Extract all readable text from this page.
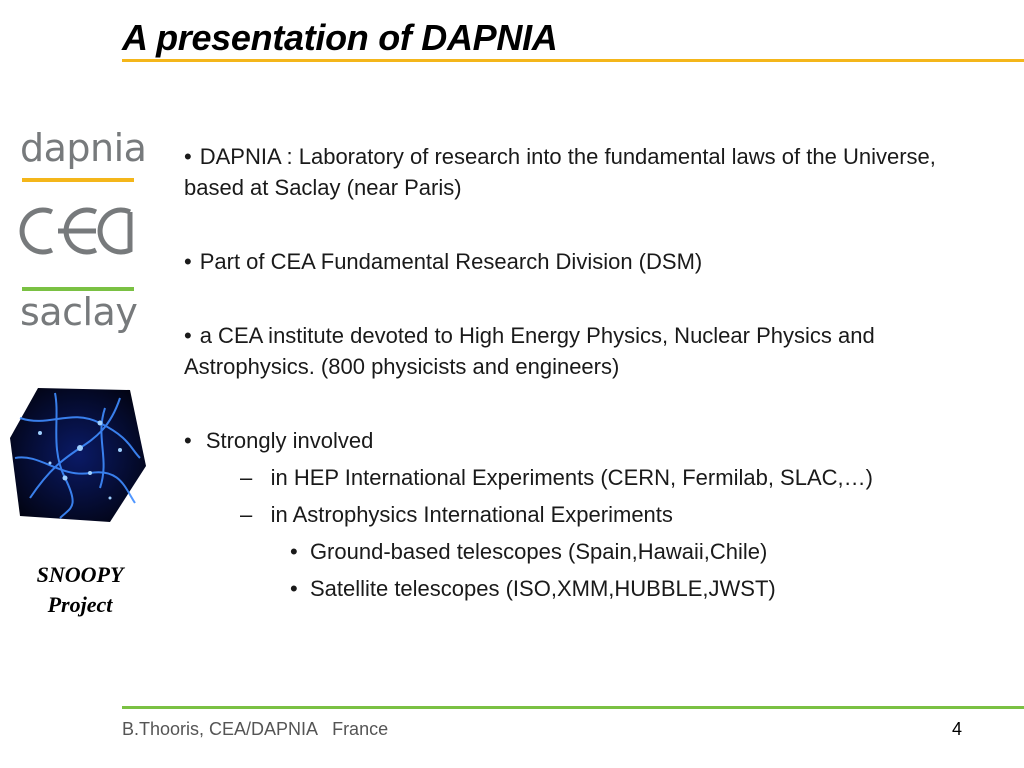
A presentation of DAPNIA
dapnia
saclay
SNOOPY
Project
• DAPNIA : Laboratory of research into the fundamental laws of the Universe, based at Saclay (near Paris)
• Part of CEA Fundamental Research Division (DSM)
• a CEA institute devoted to High Energy Physics, Nuclear Physics and Astrophysics. (800 physicists and engineers)
• Strongly involved
– in HEP International Experiments (CERN, Fermilab, SLAC,…)
– in Astrophysics International Experiments
• Ground-based telescopes (Spain,Hawaii,Chile)
• Satellite telescopes (ISO,XMM,HUBBLE,JWST)
B.Thooris, CEA/DAPNIA   France	4
